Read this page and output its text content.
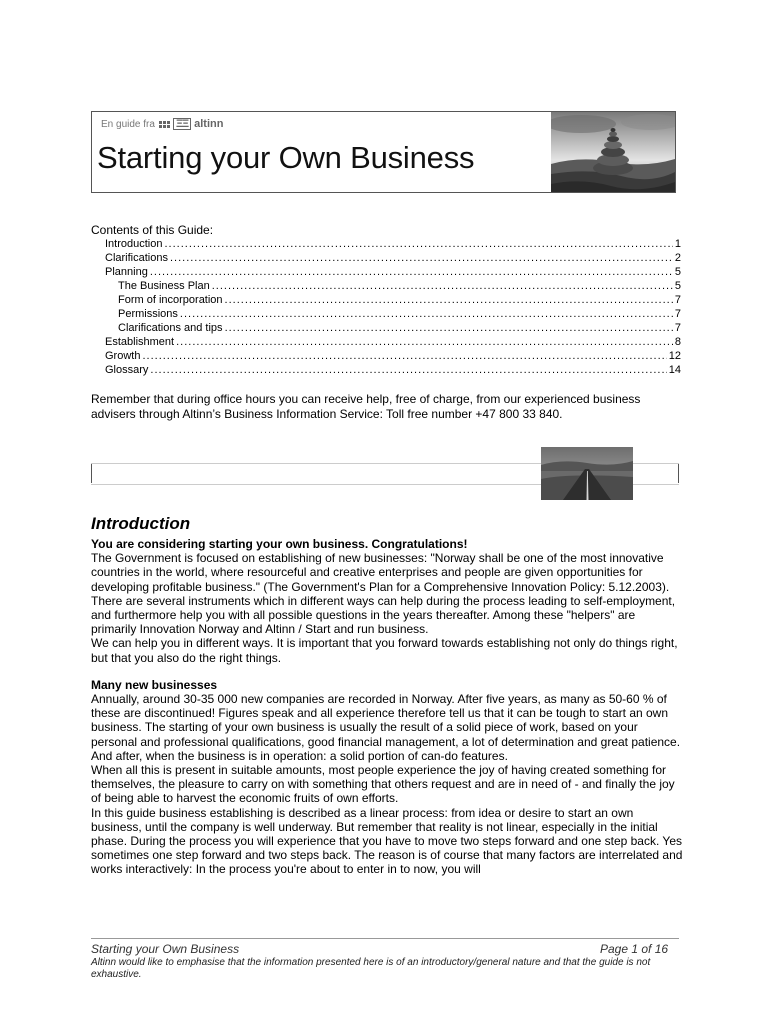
En guide fra ΞΞ altinn
Starting your Own Business
Contents of this Guide:
Introduction .....	1
Clarifications .....	2
Planning .....	5
The Business Plan .....	5
Form of incorporation .....	7
Permissions .....	7
Clarifications and tips .....	7
Establishment .....	8
Growth .....	12
Glossary .....	14
Remember that during office hours you can receive help, free of charge, from our experienced business advisers through Altinn’s Business Information Service: Toll free number +47 800 33 840.
Introduction

You are considering starting your own business. Congratulations!

The Government is focused on establishing of new businesses: "Norway shall be one of the most innovative countries in the world, where resourceful and creative enterprises and people are given opportunities for developing profitable business." (The Government's Plan for a Comprehensive Innovation Policy: 5.12.2003).

There are several instruments which in different ways can help during the process leading to self-employment, and furthermore help you with all possible questions in the years thereafter. Among these "helpers" are primarily Innovation Norway and Altinn / Start and run business.

We can help you in different ways. It is important that you forward towards establishing not only do things right, but that you also do the right things.

Many new businesses

Annually, around 30-35 000 new companies are recorded in Norway. After five years, as many as 50-60 % of these are discontinued! Figures speak and all experience therefore tell us that it can be tough to start an own business. The starting of your own business is usually the result of a solid piece of work, based on your personal and professional qualifications, good financial management, a lot of determination and great patience. And after, when the business is in operation: a solid portion of can-do features.

When all this is present in suitable amounts, most people experience the joy of having created something for themselves, the pleasure to carry on with something that others request and are in need of - and finally the joy of being able to harvest the economic fruits of own efforts.

In this guide business establishing is described as a linear process: from idea or desire to start an own business, until the company is well underway. But remember that reality is not linear, especially in the initial phase. During the process you will experience that you have to move two steps forward and one step back. Yes sometimes one step forward and two steps back. The reason is of course that many factors are interrelated and works interactively: In the process you're about to enter in to now, you will

Starting your Own Business	Page 1 of 16
Altinn would like to emphasise that the information presented here is of an introductory/general nature and that the guide is not exhaustive.
